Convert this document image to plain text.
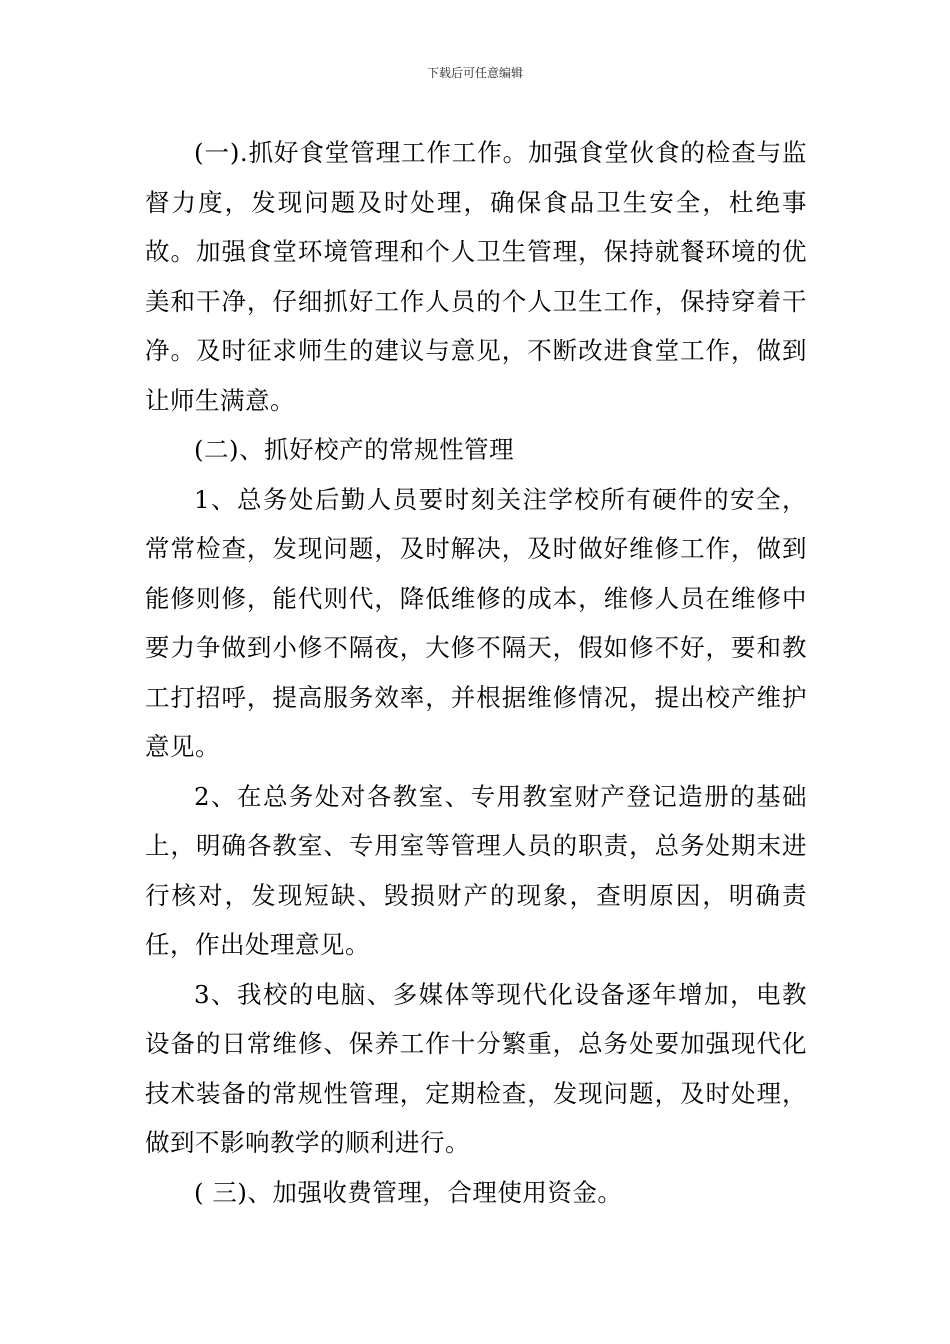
下载后可任意编辑

(一).抓好食堂管理工作工作。加强食堂伙食的检查与监督力度，发现问题及时处理，确保食品卫生安全，杜绝事故。加强食堂环境管理和个人卫生管理，保持就餐环境的优美和干净，仔细抓好工作人员的个人卫生工作，保持穿着干净。及时征求师生的建议与意见，不断改进食堂工作，做到让师生满意。

(二)、抓好校产的常规性管理

1、总务处后勤人员要时刻关注学校所有硬件的安全，常常检查，发现问题，及时解决，及时做好维修工作，做到能修则修，能代则代，降低维修的成本，维修人员在维修中要力争做到小修不隔夜，大修不隔天，假如修不好，要和教工打招呼，提高服务效率，并根据维修情况，提出校产维护意见。

2、在总务处对各教室、专用教室财产登记造册的基础上，明确各教室、专用室等管理人员的职责，总务处期末进行核对，发现短缺、毁损财产的现象，查明原因，明确责任，作出处理意见。

3、我校的电脑、多媒体等现代化设备逐年增加，电教设备的日常维修、保养工作十分繁重，总务处要加强现代化技术装备的常规性管理，定期检查，发现问题，及时处理，做到不影响教学的顺利进行。

( 三)、加强收费管理，合理使用资金。
